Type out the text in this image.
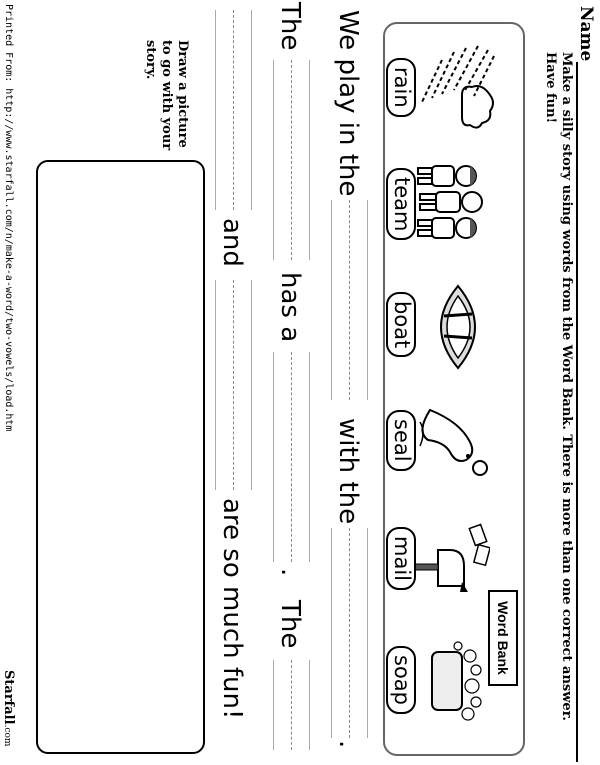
Name
Make a silly story using words from the Word Bank. There is more than one correct answer. Have fun!
Word Bank
rain
team
boat
seal
mail
soap
We play in the
with the
.
The
has a
.
The
and
are so much fun!
Draw a picture to go with your story.
Printed From: http://www.starfall.com/n/make-a-word/two-vowels/load.htm
Starfall.com
